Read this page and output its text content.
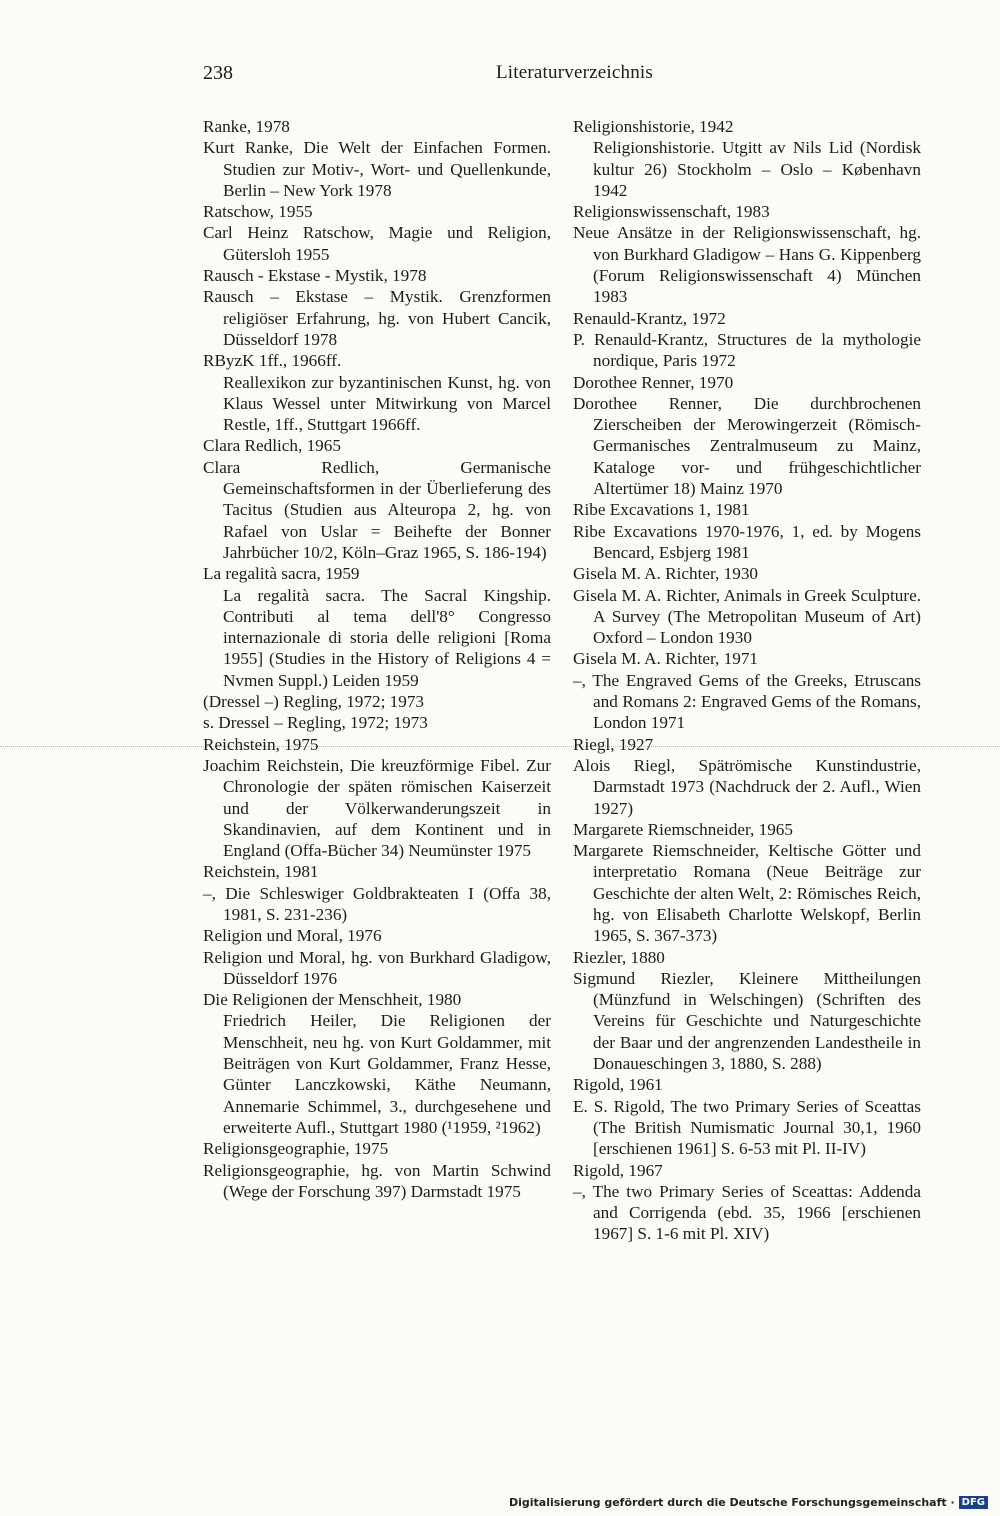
238	Literaturverzeichnis

Ranke, 1978

Kurt Ranke, Die Welt der Einfachen Formen. Studien zur Motiv-, Wort- und Quellenkunde, Berlin – New York 1978

Ratschow, 1955

Carl Heinz Ratschow, Magie und Religion, Gütersloh 1955

Rausch - Ekstase - Mystik, 1978

Rausch – Ekstase – Mystik. Grenzformen religiöser Erfahrung, hg. von Hubert Cancik, Düsseldorf 1978

RByzK 1ff., 1966ff.

Reallexikon zur byzantinischen Kunst, hg. von Klaus Wessel unter Mitwirkung von Marcel Restle, 1ff., Stuttgart 1966ff.

Clara Redlich, 1965

Clara Redlich, Germanische Gemeinschaftsformen in der Überlieferung des Tacitus (Studien aus Alteuropa 2, hg. von Rafael von Uslar = Beihefte der Bonner Jahrbücher 10/2, Köln–Graz 1965, S. 186-194)

La regalità sacra, 1959

La regalità sacra. The Sacral Kingship. Contributi al tema dell'8° Congresso internazionale di storia delle religioni [Roma 1955] (Studies in the History of Religions 4 = Nvmen Suppl.) Leiden 1959

(Dressel –) Regling, 1972; 1973

s. Dressel – Regling, 1972; 1973

Reichstein, 1975

Joachim Reichstein, Die kreuzförmige Fibel. Zur Chronologie der späten römischen Kaiserzeit und der Völkerwanderungszeit in Skandinavien, auf dem Kontinent und in England (Offa-Bücher 34) Neumünster 1975

Reichstein, 1981

–, Die Schleswiger Goldbrakteaten I (Offa 38, 1981, S. 231-236)

Religion und Moral, 1976

Religion und Moral, hg. von Burkhard Gladigow, Düsseldorf 1976

Die Religionen der Menschheit, 1980

Friedrich Heiler, Die Religionen der Menschheit, neu hg. von Kurt Goldammer, mit Beiträgen von Kurt Goldammer, Franz Hesse, Günter Lanczkowski, Käthe Neumann, Annemarie Schimmel, 3., durchgesehene und erweiterte Aufl., Stuttgart 1980 (¹1959, ²1962)

Religionsgeographie, 1975

Religionsgeographie, hg. von Martin Schwind (Wege der Forschung 397) Darmstadt 1975

Religionshistorie, 1942

Religionshistorie. Utgitt av Nils Lid (Nordisk kultur 26) Stockholm – Oslo – København 1942

Religionswissenschaft, 1983

Neue Ansätze in der Religionswissenschaft, hg. von Burkhard Gladigow – Hans G. Kippenberg (Forum Religionswissenschaft 4) München 1983

Renauld-Krantz, 1972

P. Renauld-Krantz, Structures de la mythologie nordique, Paris 1972

Dorothee Renner, 1970

Dorothee Renner, Die durchbrochenen Zierscheiben der Merowingerzeit (Römisch-Germanisches Zentralmuseum zu Mainz, Kataloge vor- und frühgeschichtlicher Altertümer 18) Mainz 1970

Ribe Excavations 1, 1981

Ribe Excavations 1970-1976, 1, ed. by Mogens Bencard, Esbjerg 1981

Gisela M. A. Richter, 1930

Gisela M. A. Richter, Animals in Greek Sculpture. A Survey (The Metropolitan Museum of Art) Oxford – London 1930

Gisela M. A. Richter, 1971

–, The Engraved Gems of the Greeks, Etruscans and Romans 2: Engraved Gems of the Romans, London 1971

Riegl, 1927

Alois Riegl, Spätrömische Kunstindustrie, Darmstadt 1973 (Nachdruck der 2. Aufl., Wien 1927)

Margarete Riemschneider, 1965

Margarete Riemschneider, Keltische Götter und interpretatio Romana (Neue Beiträge zur Geschichte der alten Welt, 2: Römisches Reich, hg. von Elisabeth Charlotte Welskopf, Berlin 1965, S. 367-373)

Riezler, 1880

Sigmund Riezler, Kleinere Mittheilungen (Münzfund in Welschingen) (Schriften des Vereins für Geschichte und Naturgeschichte der Baar und der angrenzenden Landestheile in Donaueschingen 3, 1880, S. 288)

Rigold, 1961

E. S. Rigold, The two Primary Series of Sceattas (The British Numismatic Journal 30,1, 1960 [erschienen 1961] S. 6-53 mit Pl. II-IV)

Rigold, 1967

–, The two Primary Series of Sceattas: Addenda and Corrigenda (ebd. 35, 1966 [erschienen 1967] S. 1-6 mit Pl. XIV)

Digitalisierung gefördert durch die Deutsche Forschungsgemeinschaft · DFG
